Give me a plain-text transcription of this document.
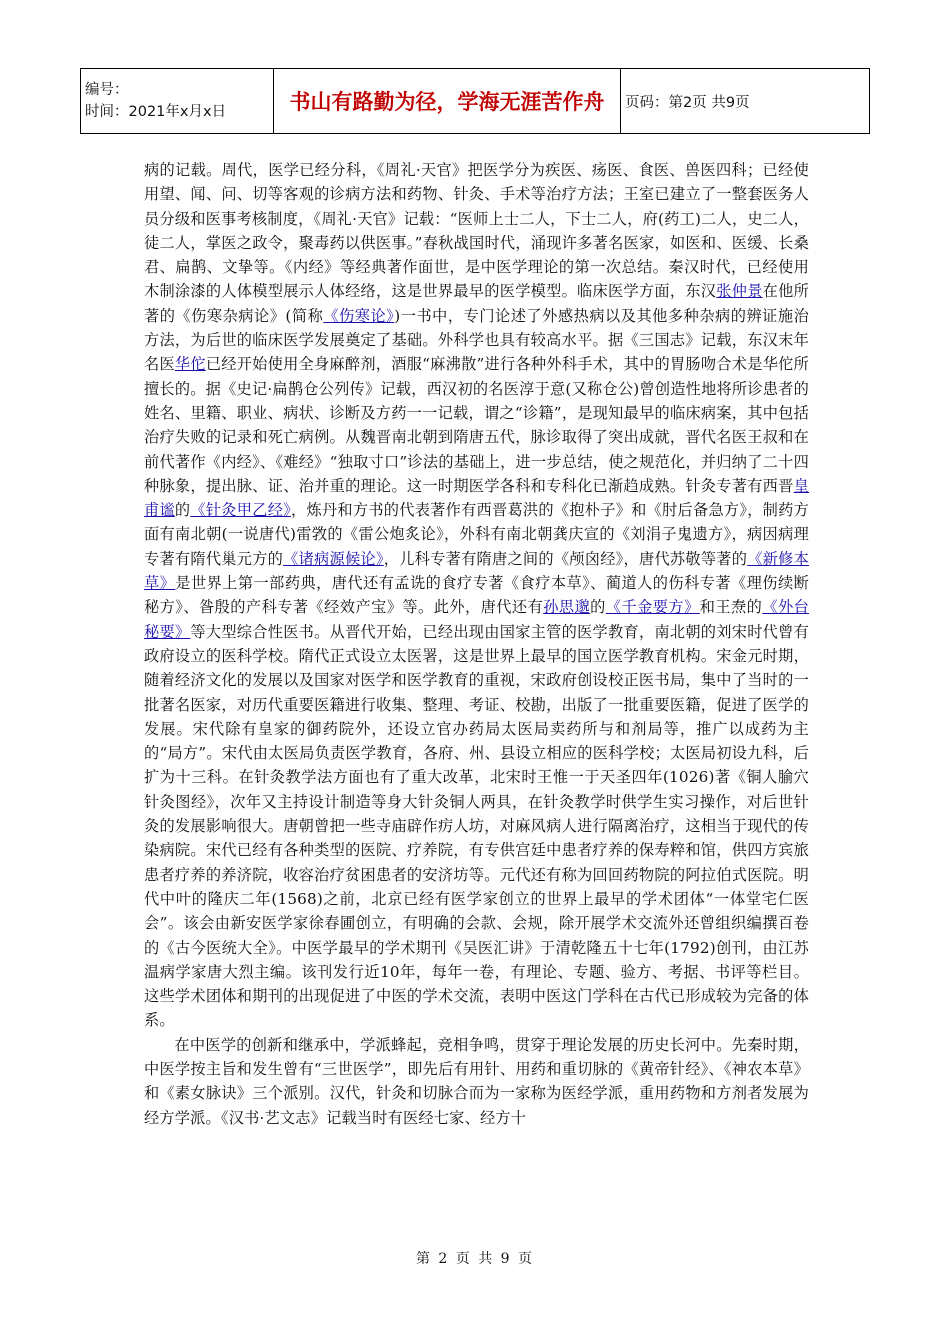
编号：
时间：2021年x月x日	书山有路勤为径，学海无涯苦作舟	页码：第2页 共9页

病的记载。周代，医学已经分科，《周礼·天官》把医学分为疾医、疡医、食医、兽医四科；已经使用望、闻、问、切等客观的诊病方法和药物、针灸、手术等治疗方法；王室已建立了一整套医务人员分级和医事考核制度，《周礼·天官》记载：“医师上士二人，下士二人，府(药工)二人，史二人，徒二人，掌医之政令，聚毒药以供医事。”春秋战国时代，涌现许多著名医家，如医和、医缓、长桑君、扁鹊、文挚等。《内经》等经典著作面世，是中医学理论的第一次总结。秦汉时代，已经使用木制涂漆的人体模型展示人体经络，这是世界最早的医学模型。临床医学方面，东汉张仲景在他所著的《伤寒杂病论》(简称《伤寒论》)一书中，专门论述了外感热病以及其他多种杂病的辨证施治方法，为后世的临床医学发展奠定了基础。外科学也具有较高水平。据《三国志》记载，东汉末年名医华佗已经开始使用全身麻醉剂，酒服“麻沸散”进行各种外科手术，其中的胃肠吻合术是华佗所擅长的。据《史记·扁鹊仓公列传》记载，西汉初的名医淳于意(又称仓公)曾创造性地将所诊患者的姓名、里籍、职业、病状、诊断及方药一一记载，谓之“诊籍”，是现知最早的临床病案，其中包括治疗失败的记录和死亡病例。从魏晋南北朝到隋唐五代，脉诊取得了突出成就，晋代名医王叔和在前代著作《内经》、《难经》“独取寸口”诊法的基础上，进一步总结，使之规范化，并归纳了二十四种脉象，提出脉、证、治并重的理论。这一时期医学各科和专科化已渐趋成熟。针灸专著有西晋皇甫谧的《针灸甲乙经》，炼丹和方书的代表著作有西晋葛洪的《抱朴子》和《肘后备急方》，制药方面有南北朝(一说唐代)雷敩的《雷公炮炙论》，外科有南北朝龚庆宣的《刘涓子鬼遗方》，病因病理专著有隋代巢元方的《诸病源候论》，儿科专著有隋唐之间的《颅囟经》，唐代苏敬等著的《新修本草》是世界上第一部药典，唐代还有孟诜的食疗专著《食疗本草》、蔺道人的伤科专著《理伤续断秘方》、昝殷的产科专著《经效产宝》等。此外，唐代还有孙思邈的《千金要方》和王焘的《外台秘要》等大型综合性医书。从晋代开始，已经出现由国家主管的医学教育，南北朝的刘宋时代曾有政府设立的医科学校。隋代正式设立太医署，这是世界上最早的国立医学教育机构。宋金元时期，随着经济文化的发展以及国家对医学和医学教育的重视，宋政府创设校正医书局，集中了当时的一批著名医家，对历代重要医籍进行收集、整理、考证、校勘，出版了一批重要医籍，促进了医学的发展。宋代除有皇家的御药院外，还设立官办药局太医局卖药所与和剂局等，推广以成药为主的“局方”。宋代由太医局负责医学教育，各府、州、县设立相应的医科学校；太医局初设九科，后扩为十三科。在针灸教学法方面也有了重大改革，北宋时王惟一于天圣四年(1026)著《铜人腧穴针灸图经》，次年又主持设计制造等身大针灸铜人两具，在针灸教学时供学生实习操作，对后世针灸的发展影响很大。唐朝曾把一些寺庙辟作疠人坊，对麻风病人进行隔离治疗，这相当于现代的传染病院。宋代已经有各种类型的医院、疗养院，有专供宫廷中患者疗养的保寿粹和馆，供四方宾旅患者疗养的养济院，收容治疗贫困患者的安济坊等。元代还有称为回回药物院的阿拉伯式医院。明代中叶的隆庆二年(1568)之前，北京已经有医学家创立的世界上最早的学术团体“一体堂宅仁医会”。该会由新安医学家徐春圃创立，有明确的会款、会规，除开展学术交流外还曾组织编撰百卷的《古今医统大全》。中医学最早的学术期刊《吴医汇讲》于清乾隆五十七年(1792)创刊，由江苏温病学家唐大烈主编。该刊发行近10年，每年一卷，有理论、专题、验方、考据、书评等栏目。这些学术团体和期刊的出现促进了中医的学术交流，表明中医这门学科在古代已形成较为完备的体系。

在中医学的创新和继承中，学派蜂起，竞相争鸣，贯穿于理论发展的历史长河中。先秦时期，中医学按主旨和发生曾有“三世医学”，即先后有用针、用药和重切脉的《黄帝针经》、《神农本草》和《素女脉诀》三个派别。汉代，针灸和切脉合而为一家称为医经学派，重用药物和方剂者发展为经方学派。《汉书·艺文志》记载当时有医经七家、经方十

第 2 页 共 9 页
